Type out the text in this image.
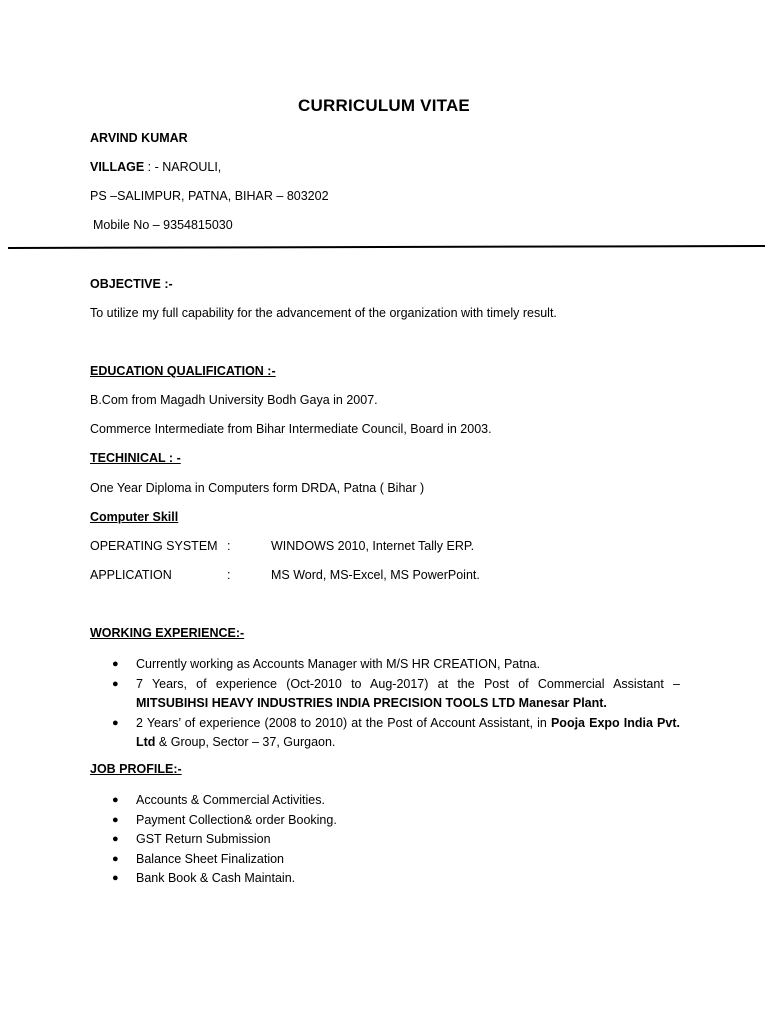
CURRICULUM VITAE
ARVIND KUMAR
VILLAGE : - NAROULI,
PS –SALIMPUR, PATNA, BIHAR – 803202
Mobile No – 9354815030
OBJECTIVE :-
To utilize my full capability for the advancement of the organization with timely result.
EDUCATION QUALIFICATION :-
B.Com from Magadh University Bodh Gaya in 2007.
Commerce Intermediate from Bihar Intermediate Council, Board in 2003.
TECHINICAL : -
One Year Diploma in Computers form DRDA, Patna ( Bihar )
Computer Skill
OPERATING SYSTEM :	WINDOWS 2010, Internet Tally ERP.
APPLICATION	:	MS Word, MS-Excel, MS PowerPoint.
WORKING EXPERIENCE:-
● Currently working as Accounts Manager with M/S HR CREATION, Patna.
● 7 Years, of experience (Oct-2010 to Aug-2017) at the Post of Commercial Assistant – MITSUBIHSI HEAVY INDUSTRIES INDIA PRECISION TOOLS LTD Manesar Plant.
● 2 Years’ of experience (2008 to 2010) at the Post of Account Assistant, in Pooja Expo India Pvt. Ltd & Group, Sector – 37, Gurgaon.
JOB PROFILE:-
● Accounts & Commercial Activities.
● Payment Collection& order Booking.
● GST Return Submission
● Balance Sheet Finalization
● Bank Book & Cash Maintain.
